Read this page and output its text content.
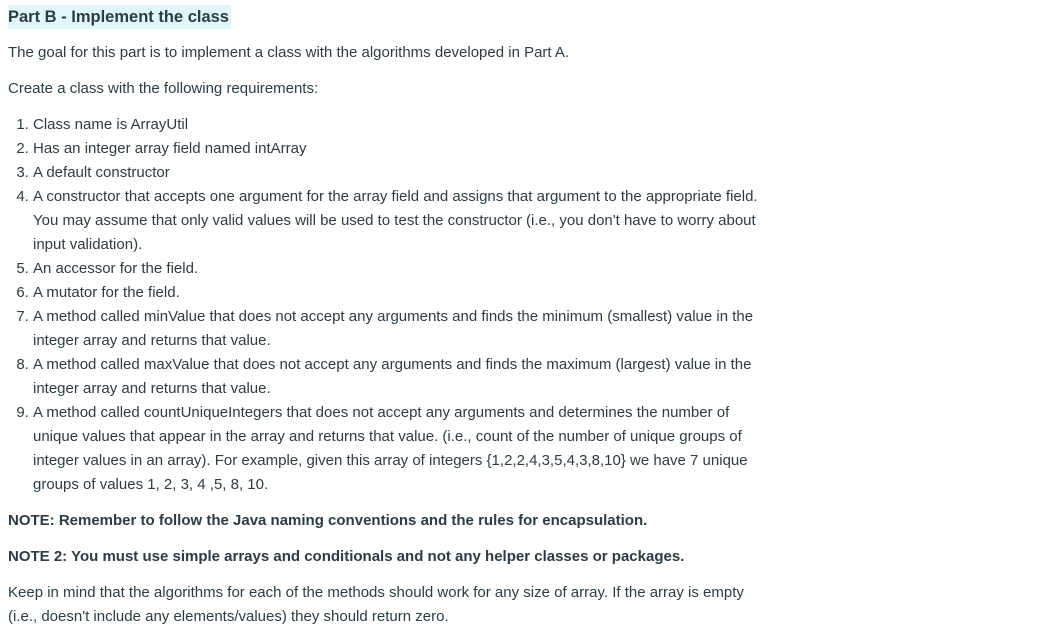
Part B - Implement the class

The goal for this part is to implement a class with the algorithms developed in Part A.

Create a class with the following requirements:

1. Class name is ArrayUtil
2. Has an integer array field named intArray
3. A default constructor
4. A constructor that accepts one argument for the array field and assigns that argument to the appropriate field. You may assume that only valid values will be used to test the constructor (i.e., you don't have to worry about input validation).
5. An accessor for the field.
6. A mutator for the field.
7. A method called minValue that does not accept any arguments and finds the minimum (smallest) value in the integer array and returns that value.
8. A method called maxValue that does not accept any arguments and finds the maximum (largest) value in the integer array and returns that value.
9. A method called countUniqueIntegers that does not accept any arguments and determines the number of unique values that appear in the array and returns that value. (i.e., count of the number of unique groups of integer values in an array). For example, given this array of integers {1,2,2,4,3,5,4,3,8,10} we have 7 unique groups of values 1, 2, 3, 4 ,5, 8, 10.

NOTE: Remember to follow the Java naming conventions and the rules for encapsulation.

NOTE 2: You must use simple arrays and conditionals and not any helper classes or packages.

Keep in mind that the algorithms for each of the methods should work for any size of array. If the array is empty (i.e., doesn't include any elements/values) they should return zero.
